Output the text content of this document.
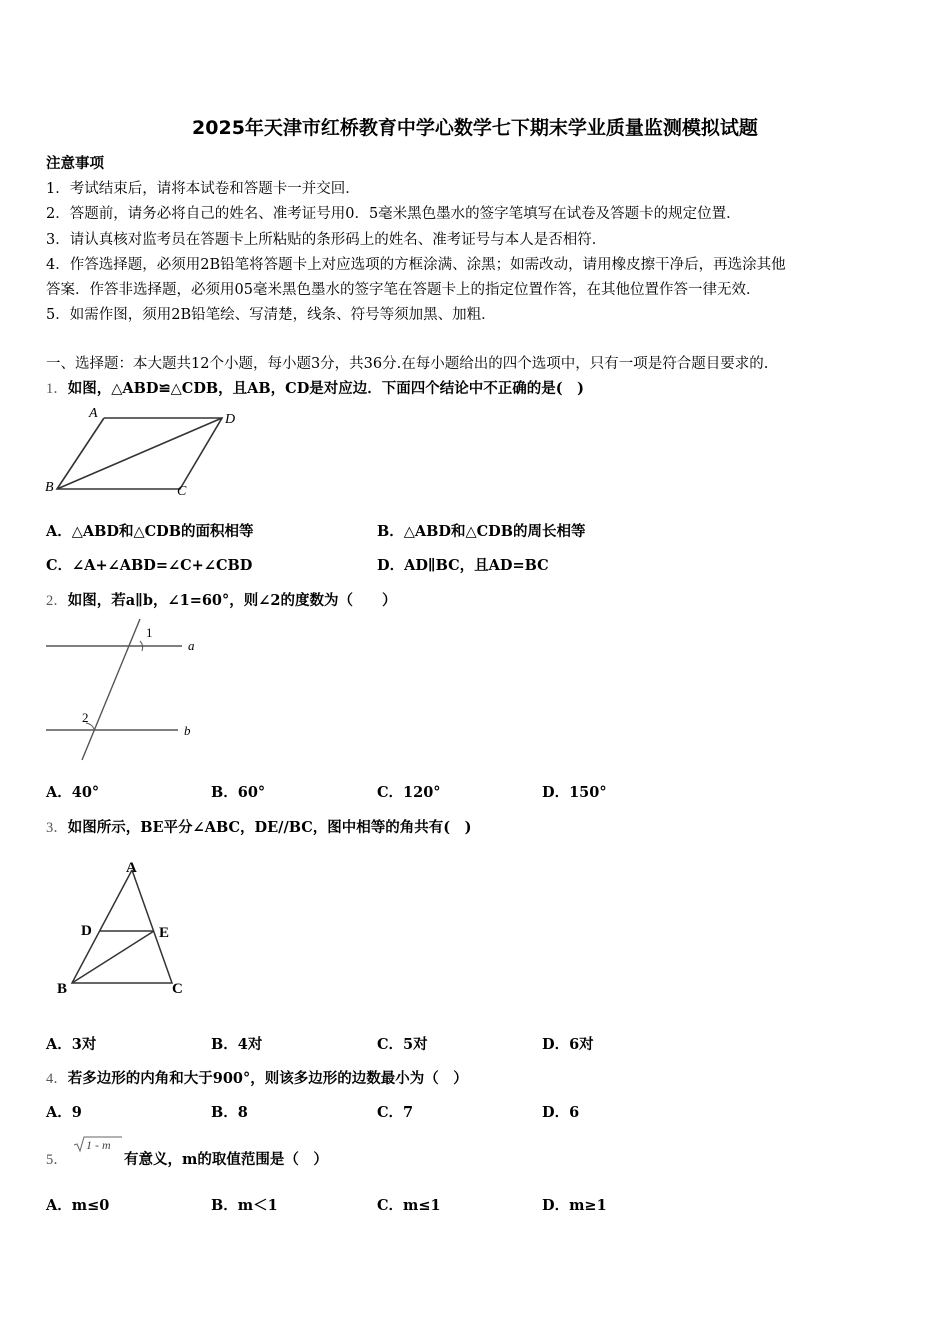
2025年天津市红桥教育中学心数学七下期末学业质量监测模拟试题
注意事项
1．考试结束后，请将本试卷和答题卡一并交回．
2．答题前，请务必将自己的姓名、准考证号用0．5毫米黑色墨水的签字笔填写在试卷及答题卡的规定位置．
3．请认真核对监考员在答题卡上所粘贴的条形码上的姓名、准考证号与本人是否相符．
4．作答选择题，必须用2B铅笔将答题卡上对应选项的方框涂满、涂黑；如需改动，请用橡皮擦干净后，再选涂其他
答案．作答非选择题，必须用05毫米黑色墨水的签字笔在答题卡上的指定位置作答，在其他位置作答一律无效．
5．如需作图，须用2B铅笔绘、写清楚，线条、符号等须加黑、加粗．
一、选择题：本大题共12个小题，每小题3分，共36分.在每小题给出的四个选项中，只有一项是符合题目要求的.
1．如图，△ABD≌△CDB，且AB，CD是对应边．下面四个结论中不正确的是(　)
A	D
B	C
A．△ABD和△CDB的面积相等	B．△ABD和△CDB的周长相等
C．∠A+∠ABD=∠C+∠CBD	D．AD∥BC，且AD=BC
2．如图，若a∥b，∠1=60°，则∠2的度数为（　　）
1
2
a
b
A．40°	B．60°	C．120°	D．150°
3．如图所示，BE平分∠ABC，DE//BC，图中相等的角共有(　)
A
D	E
B	C
A．3对	B．4对	C．5对	D．6对
4．若多边形的内角和大于900°，则该多边形的边数最小为（　）
A．9	B．8	C．7	D．6
5．
1 - m
有意义，m的取值范围是（　）
A．m≤0	B．m＜1	C．m≤1	D．m≥1
